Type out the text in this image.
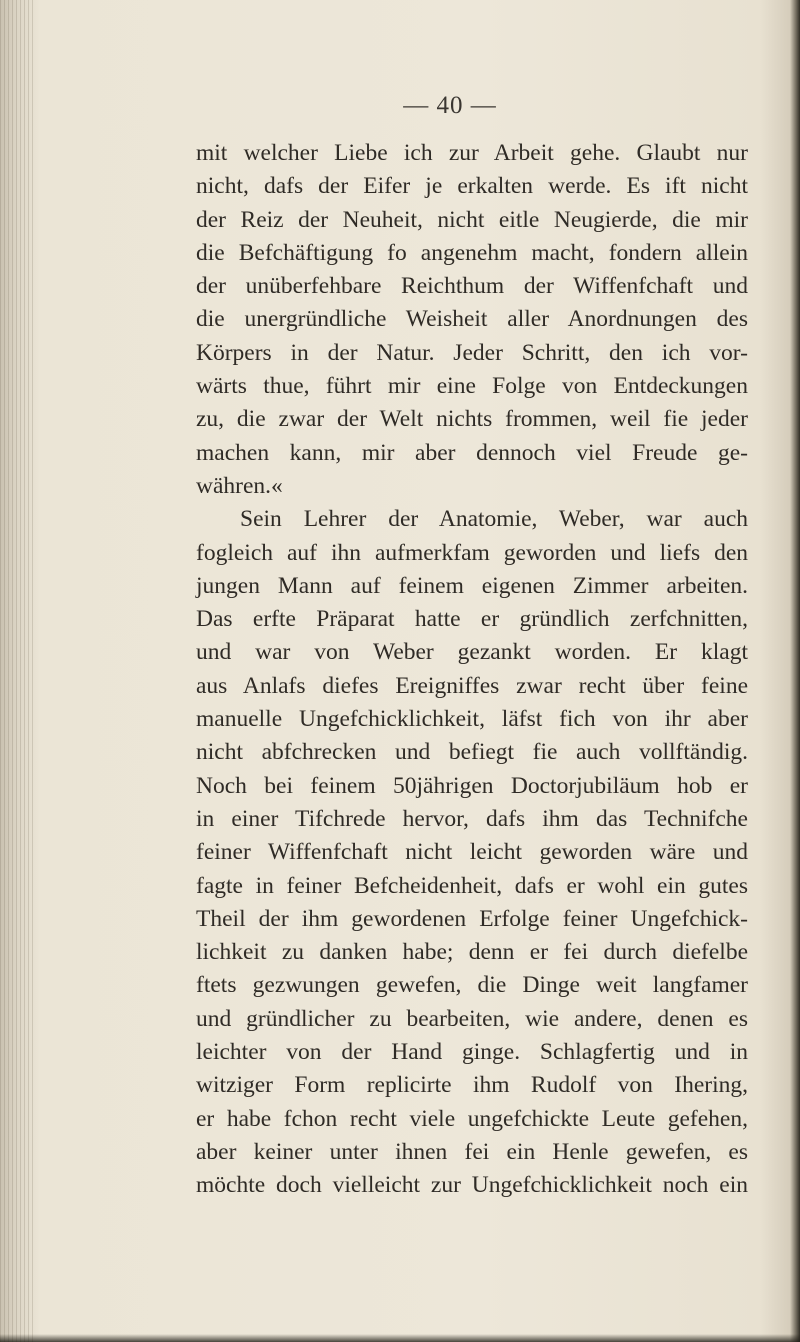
— 40 —
mit welcher Liebe ich zur Arbeit gehe. Glaubt nur
nicht, dafs der Eifer je erkalten werde. Es ift nicht
der Reiz der Neuheit, nicht eitle Neugierde, die mir
die Befchäftigung fo angenehm macht, fondern allein
der unüberfehbare Reichthum der Wiffenfchaft und
die unergründliche Weisheit aller Anordnungen des
Körpers in der Natur. Jeder Schritt, den ich vor-
wärts thue, führt mir eine Folge von Entdeckungen
zu, die zwar der Welt nichts frommen, weil fie jeder
machen kann, mir aber dennoch viel Freude ge-
währen.«
Sein Lehrer der Anatomie, Weber, war auch
fogleich auf ihn aufmerkfam geworden und liefs den
jungen Mann auf feinem eigenen Zimmer arbeiten.
Das erfte Präparat hatte er gründlich zerfchnitten,
und war von Weber gezankt worden. Er klagt
aus Anlafs diefes Ereigniffes zwar recht über feine
manuelle Ungefchicklichkeit, läfst fich von ihr aber
nicht abfchrecken und befiegt fie auch vollftändig.
Noch bei feinem 50jährigen Doctorjubiläum hob er
in einer Tifchrede hervor, dafs ihm das Technifche
feiner Wiffenfchaft nicht leicht geworden wäre und
fagte in feiner Befcheidenheit, dafs er wohl ein gutes
Theil der ihm gewordenen Erfolge feiner Ungefchick-
lichkeit zu danken habe; denn er fei durch diefelbe
ftets gezwungen gewefen, die Dinge weit langfamer
und gründlicher zu bearbeiten, wie andere, denen es
leichter von der Hand ginge. Schlagfertig und in
witziger Form replicirte ihm Rudolf von Ihering,
er habe fchon recht viele ungefchickte Leute gefehen,
aber keiner unter ihnen fei ein Henle gewefen, es
möchte doch vielleicht zur Ungefchicklichkeit noch ein
